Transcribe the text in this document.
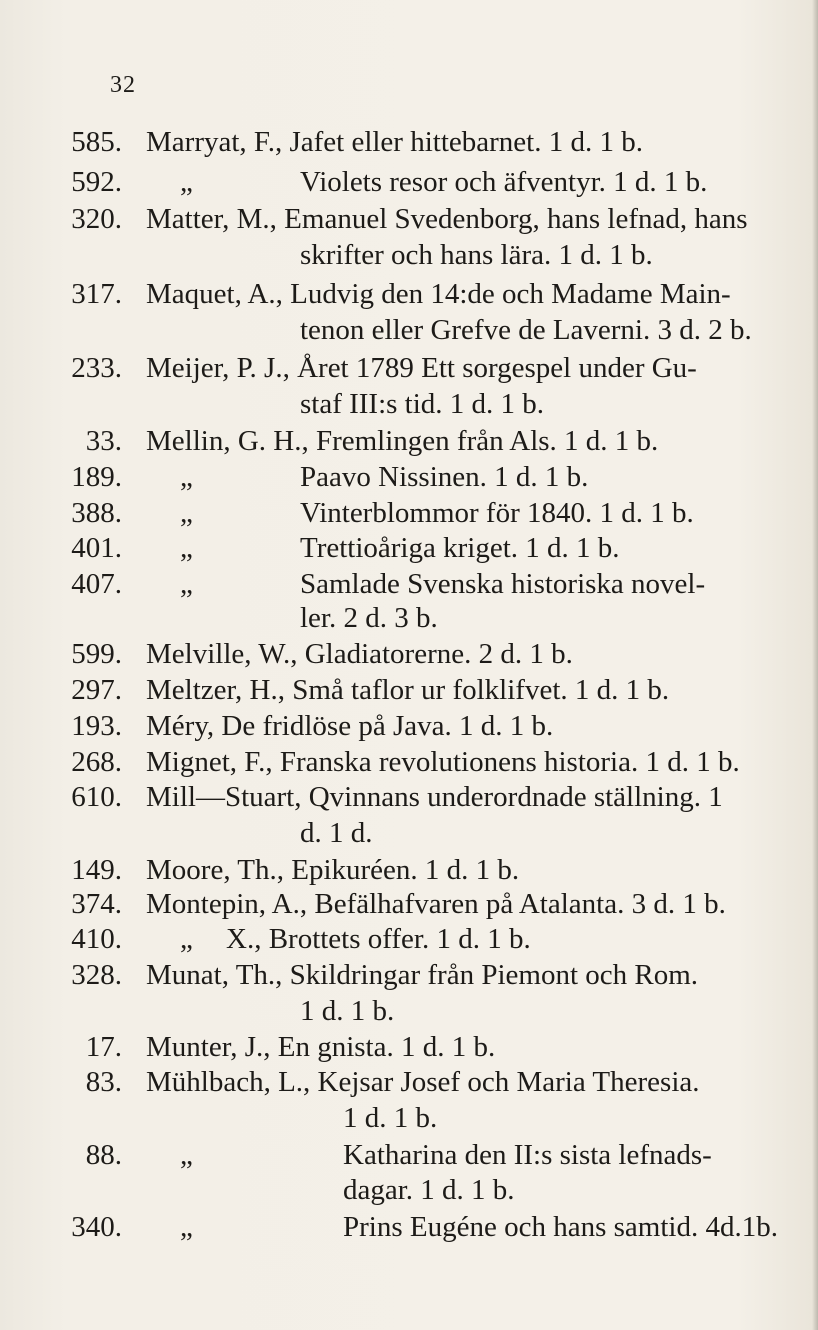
32
585. Marryat, F., Jafet eller hittebarnet. 1 d. 1 b.
592. „	Violets resor och äfventyr. 1 d. 1 b.
320. Matter, M., Emanuel Svedenborg, hans lefnad, hans
skrifter och hans lära. 1 d. 1 b.
317. Maquet, A., Ludvig den 14:de och Madame Main-
tenon eller Grefve de Laverni. 3 d. 2 b.
233. Meijer, P. J., Året 1789 Ett sorgespel under Gu-
staf III:s tid. 1 d. 1 b.
33. Mellin, G. H., Fremlingen från Als. 1 d. 1 b.
189. „	Paavo Nissinen. 1 d. 1 b.
388. „	Vinterblommor för 1840. 1 d. 1 b.
401. „	Trettioåriga kriget. 1 d. 1 b.
407. „	Samlade Svenska historiska novel-
ler. 2 d. 3 b.
599. Melville, W., Gladiatorerne. 2 d. 1 b.
297. Meltzer, H., Små taflor ur folklifvet. 1 d. 1 b.
193. Méry, De fridlöse på Java. 1 d. 1 b.
268. Mignet, F., Franska revolutionens historia. 1 d. 1 b.
610. Mill—Stuart, Qvinnans underordnade ställning. 1
d. 1 d.
149. Moore, Th., Epikuréen. 1 d. 1 b.
374. Montepin, A., Befälhafvaren på Atalanta. 3 d. 1 b.
410. „ X., Brottets offer. 1 d. 1 b.
328. Munat, Th., Skildringar från Piemont och Rom.
1 d. 1 b.
17. Munter, J., En gnista. 1 d. 1 b.
83. Mühlbach, L., Kejsar Josef och Maria Theresia.
1 d. 1 b.
88. „	Katharina den II:s sista lefnads-
dagar. 1 d. 1 b.
340. „	Prins Eugéne och hans samtid. 4d.1b.
